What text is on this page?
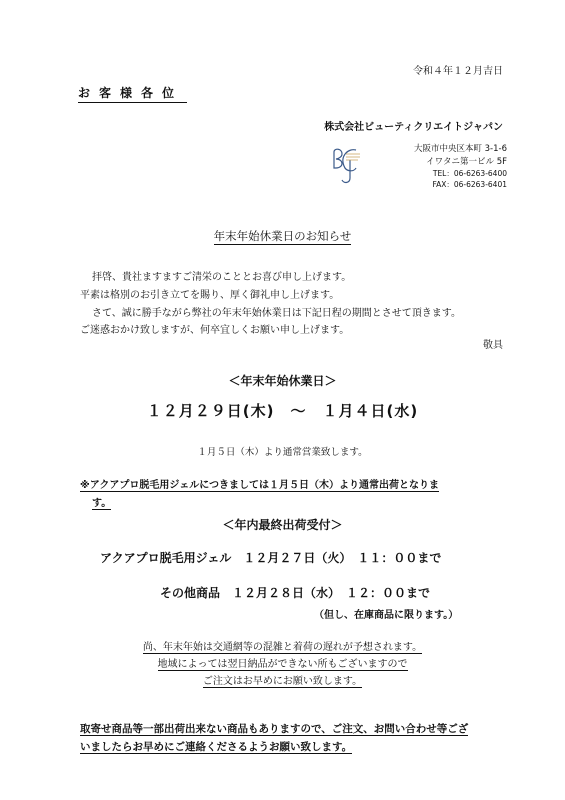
令和４年１２月吉日
お客様各位
株式会社ビューティクリエイトジャパン
大阪市中央区本町 3-1-6
イワタニ第一ビル 5F
TEL：06-6263-6400
FAX：06-6263-6401
年末年始休業日のお知らせ
拝啓、貴社ますますご清栄のこととお喜び申し上げます。
平素は格別のお引き立てを賜り、厚く御礼申し上げます。
さて、誠に勝手ながら弊社の年末年始休業日は下記日程の期間とさせて頂きます。
ご迷惑おかけ致しますが、何卒宜しくお願い申し上げます。
敬具
＜年末年始休業日＞
１２月２９日(木)　～　１月４日(水)
１月５日（木）より通常営業致します。
※アクアプロ脱毛用ジェルにつきましては１月５日（木）より通常出荷となりま
す。
＜年内最終出荷受付＞
アクアプロ脱毛用ジェル　１２月２７日（火）　１１：００まで
その他商品　１２月２８日（水）　１２：００まで
（但し、在庫商品に限ります。）
尚、年末年始は交通網等の混雑と着荷の遅れが予想されます。
地域によっては翌日納品ができない所もございますので
ご注文はお早めにお願い致します。
取寄せ商品等一部出荷出来ない商品もありますので、ご注文、お問い合わせ等ござ
いましたらお早めにご連絡くださるようお願い致します。
